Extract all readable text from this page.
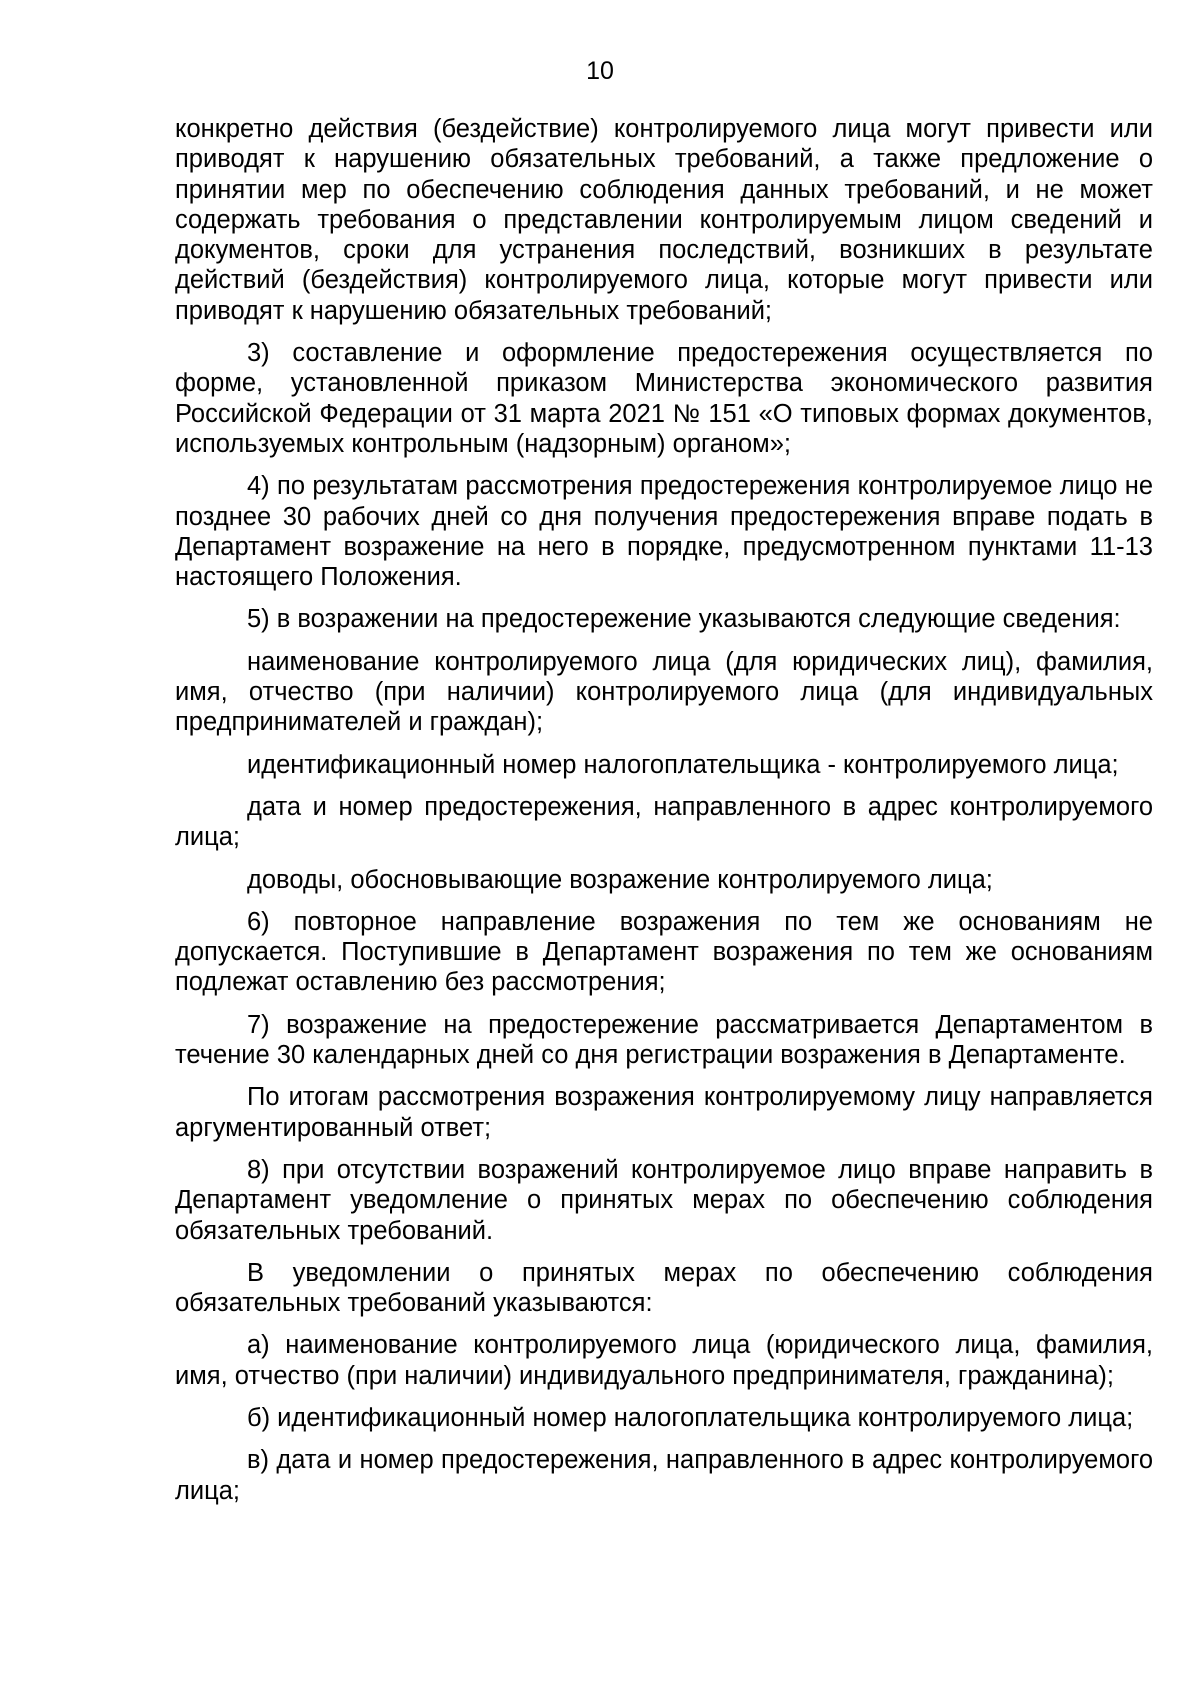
10

конкретно действия (бездействие) контролируемого лица могут привести или приводят к нарушению обязательных требований, а также предложение о принятии мер по обеспечению соблюдения данных требований, и не может содержать требования о представлении контролируемым лицом сведений и документов, сроки для устранения последствий, возникших в результате действий (бездействия) контролируемого лица, которые могут привести или приводят к нарушению обязательных требований;

3) составление и оформление предостережения осуществляется по форме, установленной приказом Министерства экономического развития Российской Федерации от 31 марта 2021 № 151 «О типовых формах документов, используемых контрольным (надзорным) органом»;

4) по результатам рассмотрения предостережения контролируемое лицо не позднее 30 рабочих дней со дня получения предостережения вправе подать в Департамент возражение на него в порядке, предусмотренном пунктами 11-13 настоящего Положения.

5) в возражении на предостережение указываются следующие сведения:

наименование контролируемого лица (для юридических лиц), фамилия, имя, отчество (при наличии) контролируемого лица (для индивидуальных предпринимателей и граждан);

идентификационный номер налогоплательщика - контролируемого лица;

дата и номер предостережения, направленного в адрес контролируемого лица;

доводы, обосновывающие возражение контролируемого лица;

6) повторное направление возражения по тем же основаниям не допускается. Поступившие в Департамент возражения по тем же основаниям подлежат оставлению без рассмотрения;

7) возражение на предостережение рассматривается Департаментом в течение 30 календарных дней со дня регистрации возражения в Департаменте.

По итогам рассмотрения возражения контролируемому лицу направляется аргументированный ответ;

8) при отсутствии возражений контролируемое лицо вправе направить в Департамент уведомление о принятых мерах по обеспечению соблюдения обязательных требований.

В уведомлении о принятых мерах по обеспечению соблюдения обязательных требований указываются:

а) наименование контролируемого лица (юридического лица, фамилия, имя, отчество (при наличии) индивидуального предпринимателя, гражданина);

б) идентификационный номер налогоплательщика контролируемого лица;

в) дата и номер предостережения, направленного в адрес контролируемого лица;
